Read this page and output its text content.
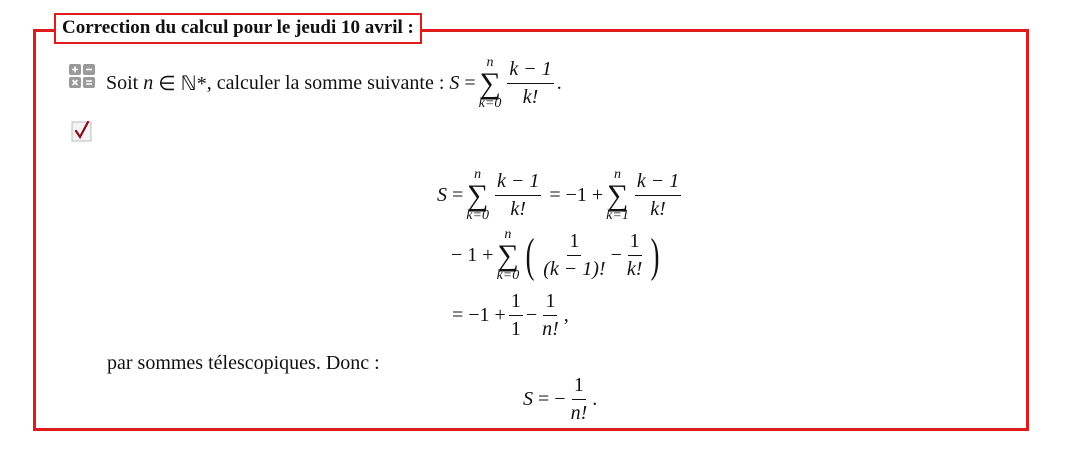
Correction du calcul pour le jeudi 10 avril :
Soit
n
∈ ℕ* , calculer la somme suivante :
S
=
n
∑
$k=0 \frac{k - 1}{k!}$ .
S
=
n
∑
$k=0 \frac{k - 1}{k!}$
= −1 +
n
∑
$k=1 \frac{k - 1}{k!}$
− 1 +
n
∑
k=0 ( $\frac{1}{(k - 1)!} - \frac{1}{k!}$ )
= $-1 + \frac{1}{1} - \frac{1}{n!}$ ,
par sommes télescopiques. Donc :
S
= − $\frac{1}{n!}$ .
